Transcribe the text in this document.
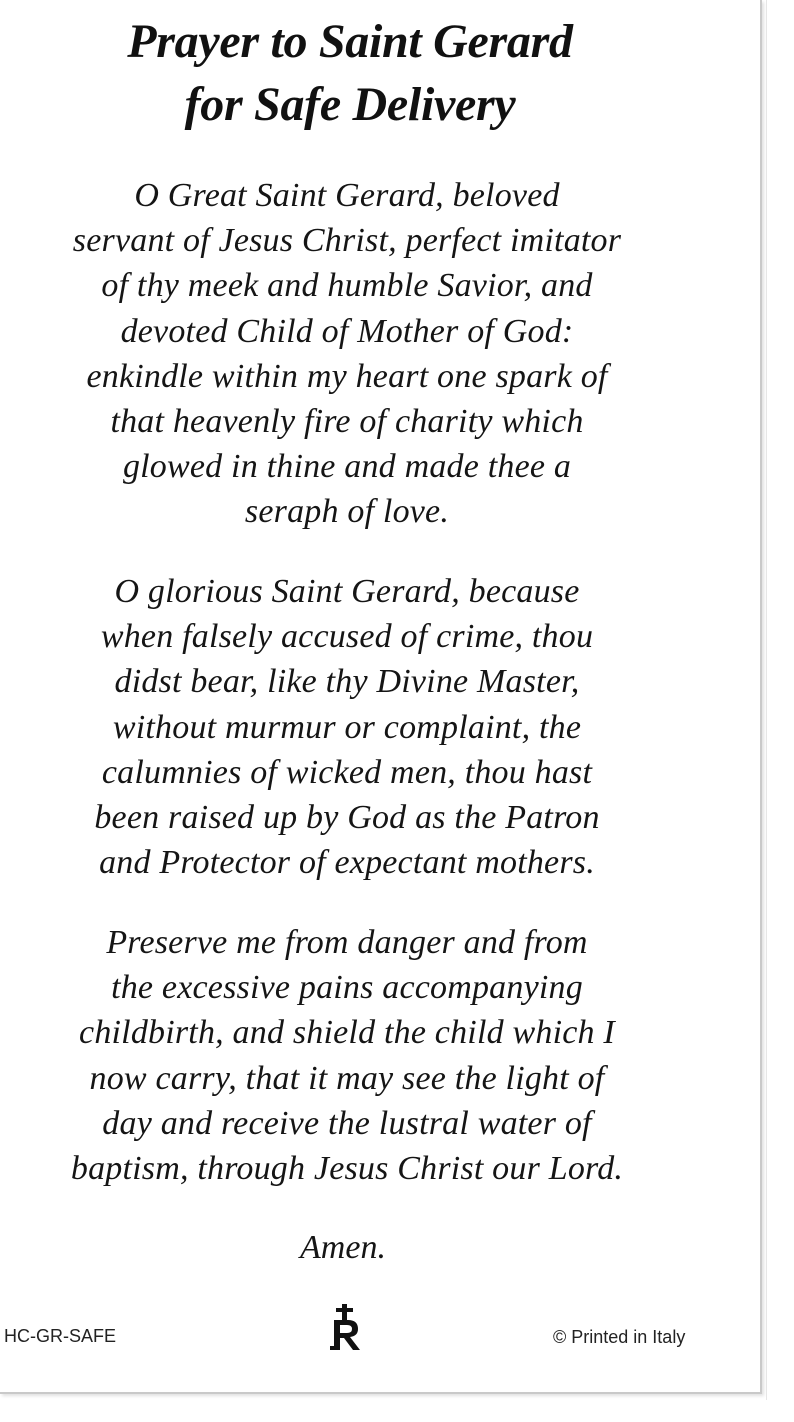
Prayer to Saint Gerard
for Safe Delivery
O Great Saint Gerard, beloved
servant of Jesus Christ, perfect imitator
of thy meek and humble Savior, and
devoted Child of Mother of God:
enkindle within my heart one spark of
that heavenly fire of charity which
glowed in thine and made thee a
seraph of love.
O glorious Saint Gerard, because
when falsely accused of crime, thou
didst bear, like thy Divine Master,
without murmur or complaint, the
calumnies of wicked men, thou hast
been raised up by God as the Patron
and Protector of expectant mothers.
Preserve me from danger and from
the excessive pains accompanying
childbirth, and shield the child which I
now carry, that it may see the light of
day and receive the lustral water of
baptism, through Jesus Christ our Lord.

Amen.

HC-GR-SAFE	© Printed in Italy
